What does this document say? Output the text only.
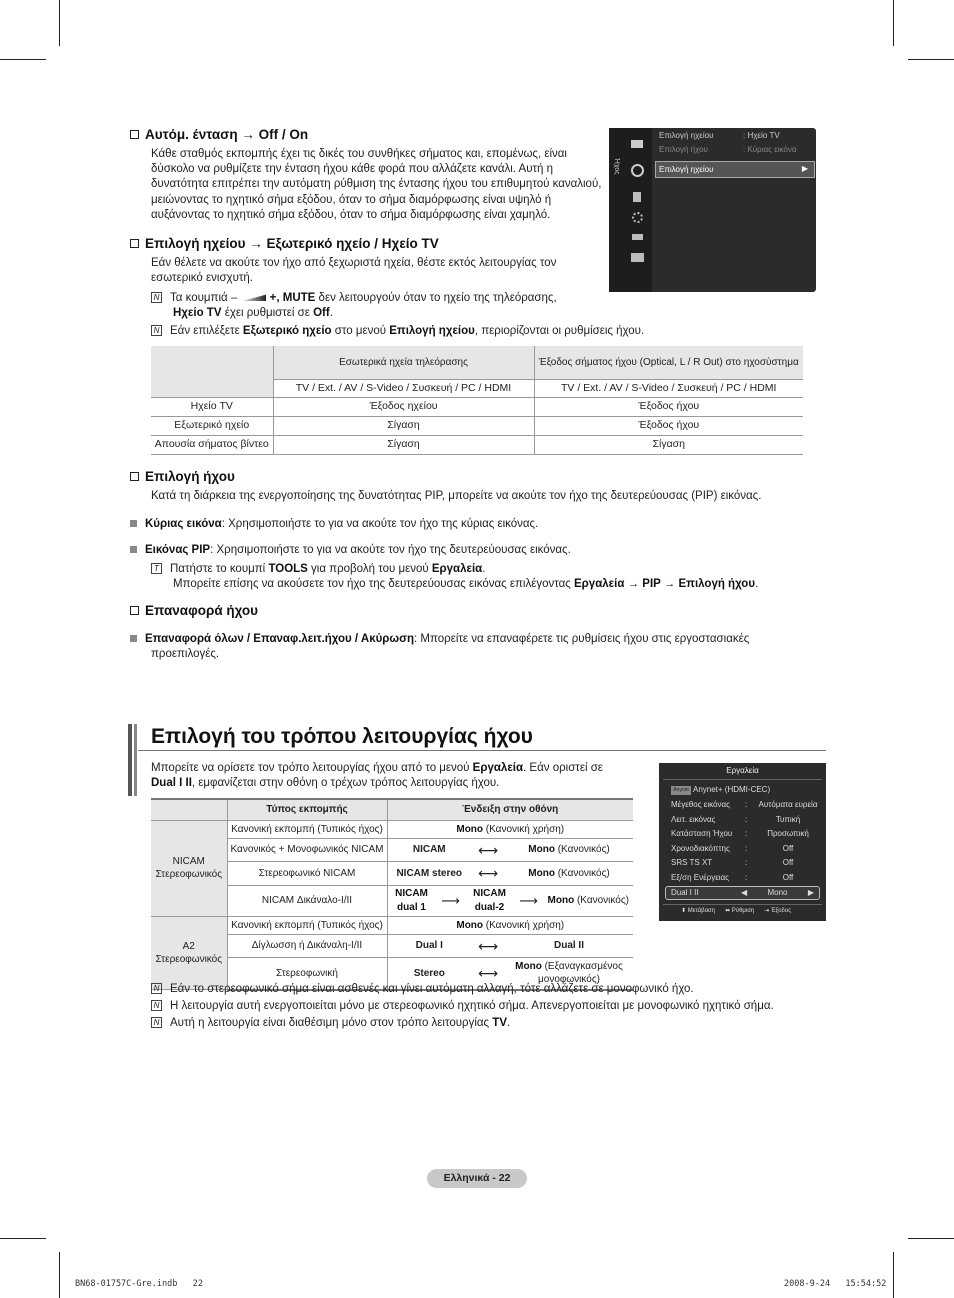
Αυτόμ. ένταση → Off / On
Κάθε σταθμός εκπομπής έχει τις δικές του συνθήκες σήματος και, επομένως, είναι δύσκολο να ρυθμίζετε την ένταση ήχου κάθε φορά που αλλάζετε κανάλι. Αυτή η δυνατότητα επιτρέπει την αυτόματη ρύθμιση της έντασης ήχου του επιθυμητού καναλιού, μειώνοντας το ηχητικό σήμα εξόδου, όταν το σήμα διαμόρφωσης είναι υψηλό ή αυξάνοντας το ηχητικό σήμα εξόδου, όταν το σήμα διαμόρφωσης είναι χαμηλό.
Ήχος
Επιλογή ηχείου	: Ηχείο TV
Επιλογή ήχου	: Κύριας εικόνα
Επιλογή ηχείου	▶
Επιλογή ηχείου → Εξωτερικό ηχείο / Ηχείο TV
Εάν θέλετε να ακούτε τον ήχο από ξεχωριστά ηχεία, θέστε εκτός λειτουργίας τον εσωτερικό ενισχυτή.
N Τα κουμπιά –	+, MUTE δεν λειτουργούν όταν το ηχείο της τηλεόρασης,
Ηχείο TV έχει ρυθμιστεί σε Off.
N Εάν επιλέξετε Εξωτερικό ηχείο στο μενού Επιλογή ηχείου, περιορίζονται οι ρυθμίσεις ήχου.
	Εσωτερικά ηχεία τηλεόρασης	Έξοδος σήματος ήχου (Optical, L / R Out) στο ηχοσύστημα
	TV / Ext. / AV / S-Video / Συσκευή / PC / HDMI	TV / Ext. / AV / S-Video / Συσκευή / PC / HDMI
Ηχείο TV	Έξοδος ηχείου	Έξοδος ήχου
Εξωτερικό ηχείο	Σίγαση	Έξοδος ήχου
Απουσία σήματος βίντεο	Σίγαση	Σίγαση
Επιλογή ήχου
Κατά τη διάρκεια της ενεργοποίησης της δυνατότητας PIP, μπορείτε να ακούτε τον ήχο της δευτερεύουσας (PIP) εικόνας.
Κύριας εικόνα: Χρησιμοποιήστε το για να ακούτε τον ήχο της κύριας εικόνας.
Εικόνας PIP: Χρησιμοποιήστε το για να ακούτε τον ήχο της δευτερεύουσας εικόνας.
T Πατήστε το κουμπί TOOLS για προβολή του μενού Εργαλεία.
Μπορείτε επίσης να ακούσετε τον ήχο της δευτερεύουσας εικόνας επιλέγοντας Εργαλεία → PIP → Επιλογή ήχου.
Επαναφορά ήχου
Επαναφορά όλων / Επαναφ.λειτ.ήχου / Ακύρωση: Μπορείτε να επαναφέρετε τις ρυθμίσεις ήχου στις εργοστασιακές προεπιλογές.
Επιλογή του τρόπου λειτουργίας ήχου
Μπορείτε να ορίσετε τον τρόπο λειτουργίας ήχου από το μενού Εργαλεία. Εάν οριστεί σε
Dual I II, εμφανίζεται στην οθόνη ο τρέχων τρόπος λειτουργίας ήχου.
	Τύπος εκπομπής	Ένδειξη στην οθόνη		
NICAM Στερεοφωνικός	Κανονική εκπομπή (Τυπικός ήχος)	Mono (Κανονική χρήση)		
	Κανονικός + Μονοφωνικός NICAM	NICAM	⟷	Mono (Κανονικός)
	Στερεοφωνικό NICAM	NICAM stereo	⟷	Mono (Κανονικός)
	NICAM Δικάναλο-I/II	NICAM dual 1 ⟶ NICAM dual-2 ⟶ Mono (Κανονικός)		

A2 Στερεοφωνικός	Κανονική εκπομπή (Τυπικός ήχος)	Mono (Κανονική χρήση)		
	Δίγλωσση ή Δικάναλη-I/II	Dual I	⟷	Dual II
	Στερεοφωνική	Stereo	⟷	Mono (Εξαναγκασμένος μονοφωνικός)
Εργαλεία
Anynet Anynet+ (HDMI-CEC)
Μέγεθος εικόνας	:	Αυτόματα ευρεία
Λειτ. εικόνας	:	Τυπική
Κατάσταση Ήχου	:	Προσωπική
Χρονοδιακόπτης	:	Off
SRS TS XT	:	Off
Εξ/ση Ενέργειας	:	Off
Dual I II	◀	Mono	▶
⬍ Μετάβαση ⬌ Ρύθμιση ⇥ Έξοδος
N Εάν το στερεοφωνικό σήμα είναι ασθενές και γίνει αυτόματη αλλαγή, τότε αλλάζετε σε μονοφωνικό ήχο.
N Η λειτουργία αυτή ενεργοποιείται μόνο με στερεοφωνικό ηχητικό σήμα. Απενεργοποιείται με μονοφωνικό ηχητικό σήμα.
N Αυτή η λειτουργία είναι διαθέσιμη μόνο στον τρόπο λειτουργίας TV.
Ελληνικά - 22
BN68-01757C-Gre.indb   22	2008-9-24   15:54:52
